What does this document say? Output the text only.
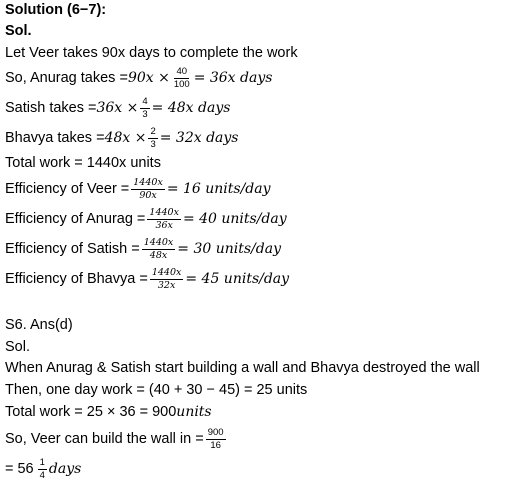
Solution (6−7):
Sol.
Let Veer takes 90x days to complete the work
So, Anurag takes = $90x \times \frac{40}{100} = 36x$ days
Satish takes = $36x \times \frac{4}{3} = 48x$ days
Bhavya takes = $48x \times \frac{2}{3} = 32x$ days
Total work = 1440x units
Efficiency of Veer = $\frac{1440x}{90x} = 16$ units/day
Efficiency of Anurag = $\frac{1440x}{36x} = 40$ units/day
Efficiency of Satish = $\frac{1440x}{48x} = 30$ units/day
Efficiency of Bhavya = $\frac{1440x}{32x} = 45$ units/day
S6. Ans(d)
Sol.
When Anurag & Satish start building a wall and Bhavya destroyed the wall
Then, one day work = (40 + 30 − 45) = 25 units
Total work = 25 × 36 = 900 units
So, Veer can build the wall in = $\frac{900}{16}$
= $56 \frac{1}{4}$ days
